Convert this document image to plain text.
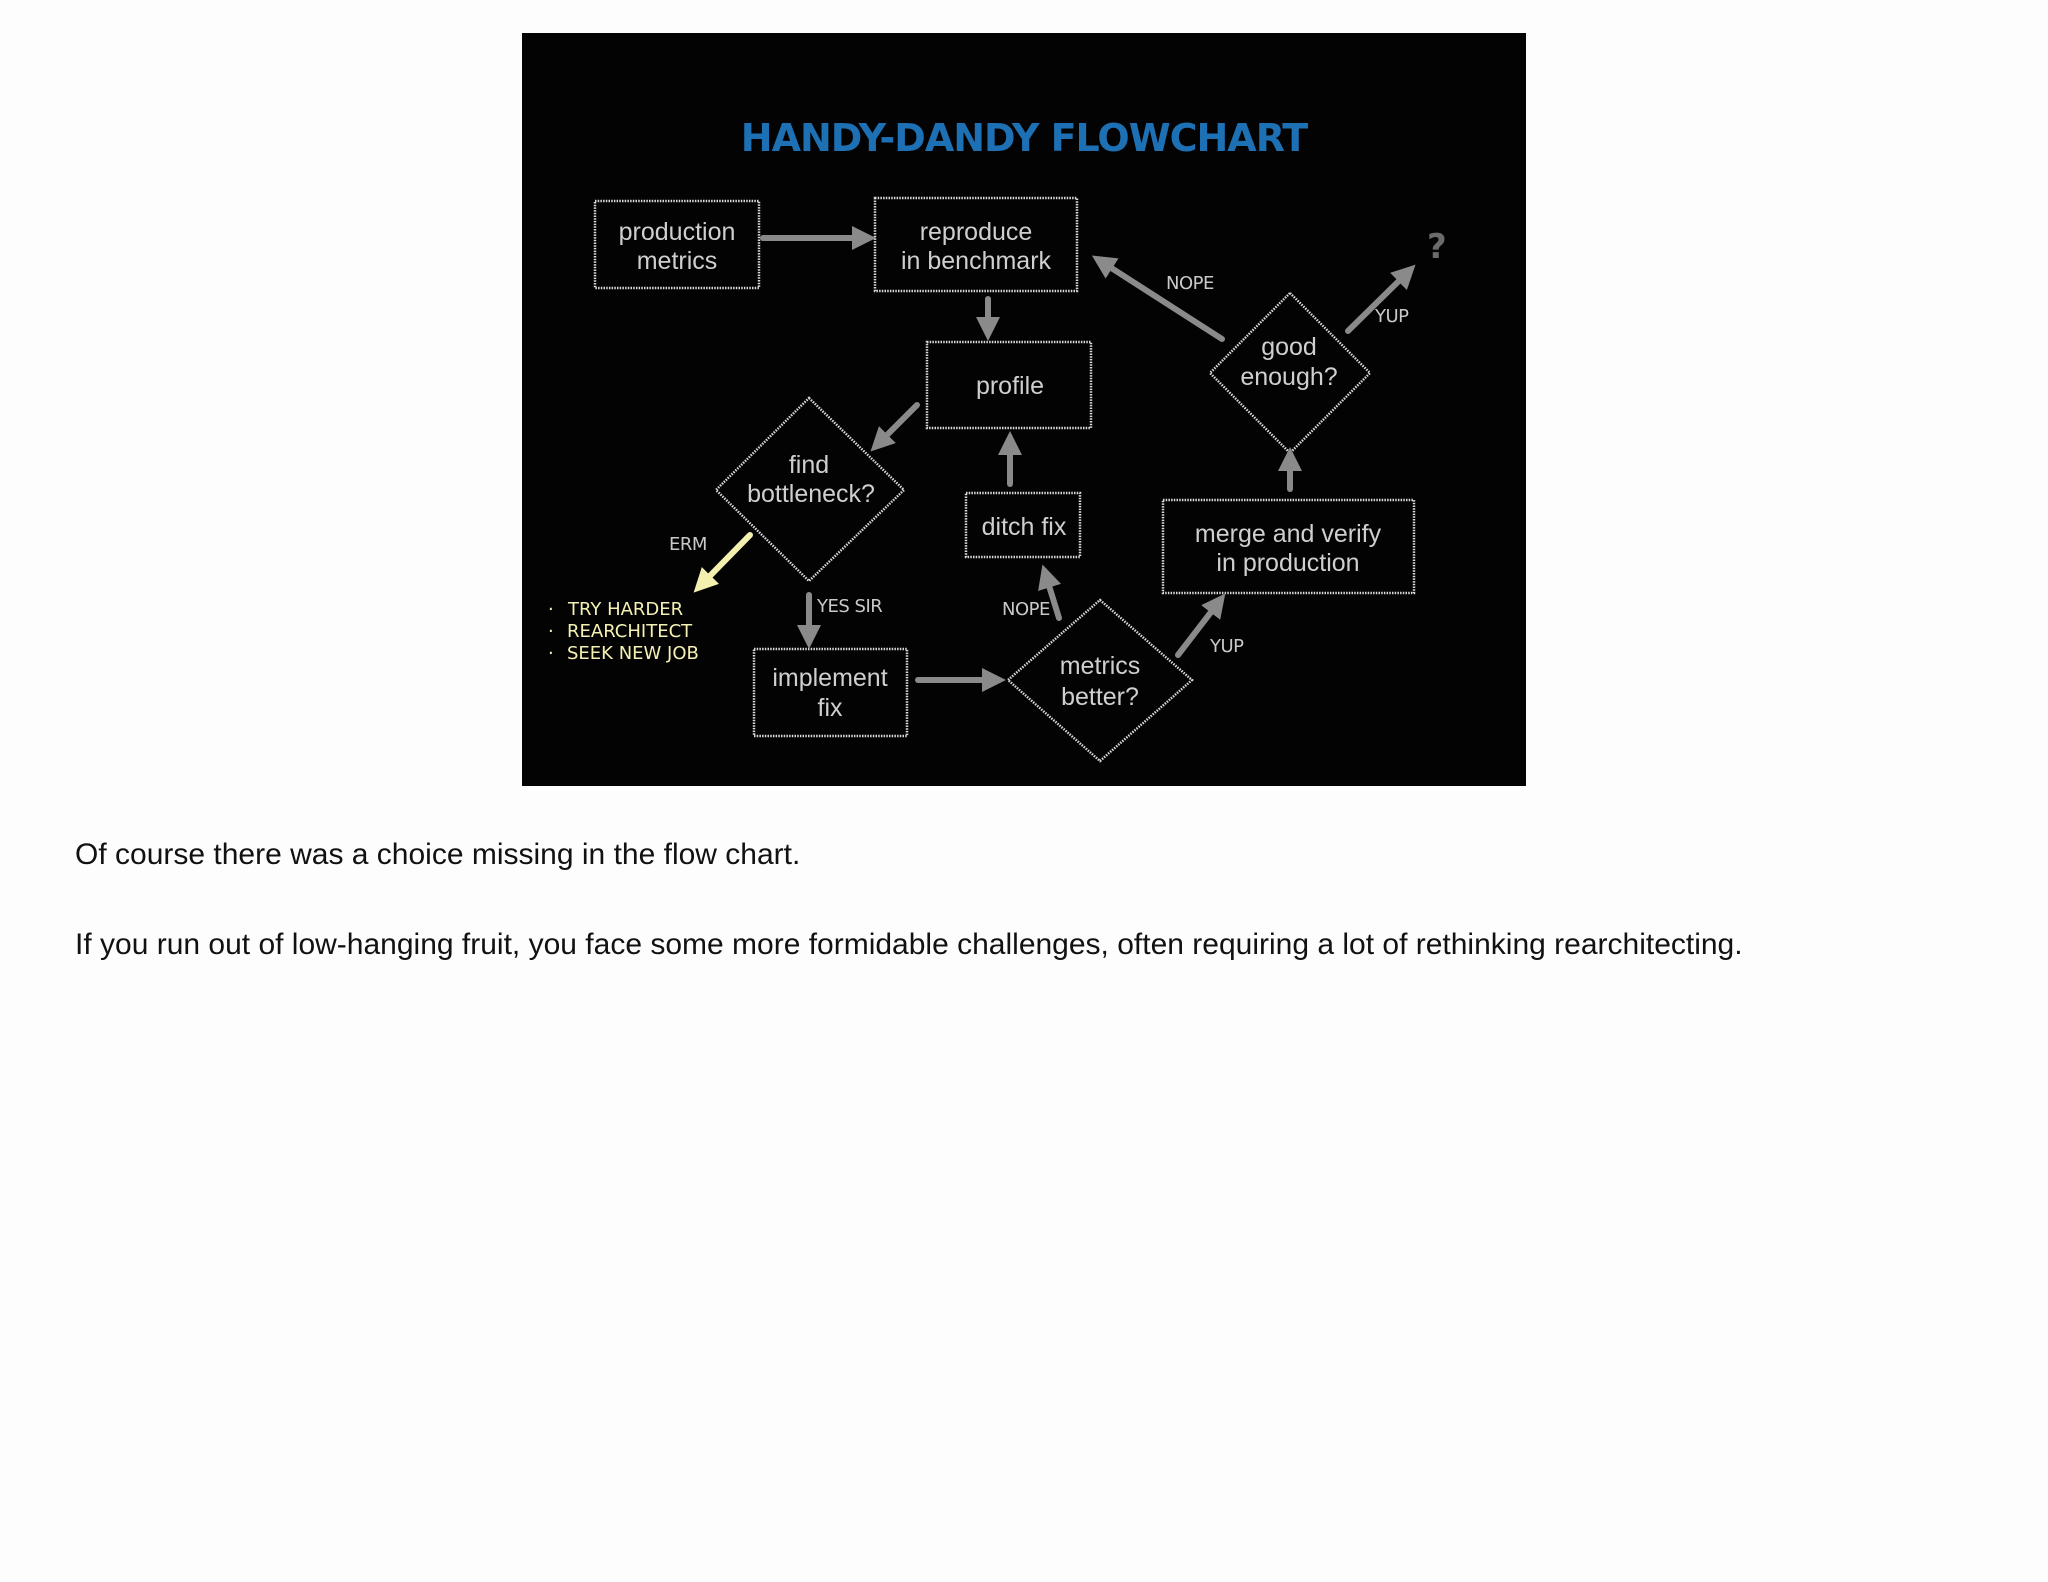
HANDY-DANDY FLOWCHART
production
metrics
reproduce
in benchmark
profile
ditch fix	merge and verify
in production
implement
fix
find
bottleneck?
good
enough?
metrics
better?
NOPE
YUP
ERM
YES SIR	NOPE
YUP
?
· TRY HARDER
· REARCHITECT
· SEEK NEW JOB
Of course there was a choice missing in the flow chart.
If you run out of low-hanging fruit, you face some more formidable challenges, often requiring a lot of rethinking rearchitecting.
